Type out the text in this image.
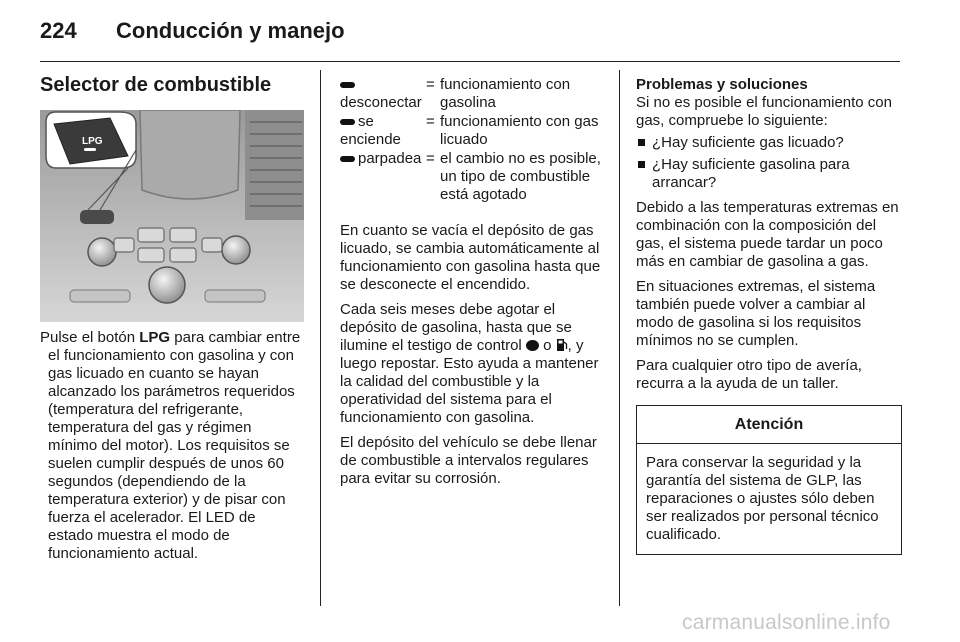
224 Conducción y manejo
Selector de combustible
LPG

Pulse el botón LPG para cambiar entre el funcionamiento con gasolina y con gas licuado en cuanto se hayan alcanzado los parámetros requeridos (temperatura del refrigerante, temperatura del gas y régimen mínimo del motor). Los requisitos se suelen cumplir después de unos 60 segundos (dependiendo de la temperatura exterior) y de pisar con fuerza el acelerador. El LED de estado muestra el modo de funcionamiento actual.

desconectar
= funcionamiento con gasolina
se enciende
= funcionamiento con gas licuado
parpadea = el cambio no es posible, un tipo de combustible está agotado

En cuanto se vacía el depósito de gas licuado, se cambia automáticamente al funcionamiento con gasolina hasta que se desconecte el encendido.

Cada seis meses debe agotar el depósito de gasolina, hasta que se ilumine el testigo de control  o , y luego repostar. Esto ayuda a mantener la calidad del combustible y la operatividad del sistema para el funcionamiento con gasolina.

El depósito del vehículo se debe llenar de combustible a intervalos regulares para evitar su corrosión.

Problemas y soluciones
Si no es posible el funcionamiento con gas, compruebe lo siguiente:
¿Hay suficiente gas licuado?
¿Hay suficiente gasolina para arrancar?

Debido a las temperaturas extremas en combinación con la composición del gas, el sistema puede tardar un poco más en cambiar de gasolina a gas.

En situaciones extremas, el sistema también puede volver a cambiar al modo de gasolina si los requisitos mínimos no se cumplen.

Para cualquier otro tipo de avería, recurra a la ayuda de un taller.

Atención
Para conservar la seguridad y la garantía del sistema de GLP, las reparaciones o ajustes sólo deben ser realizados por personal técnico cualificado.
carmanualsonline.info
